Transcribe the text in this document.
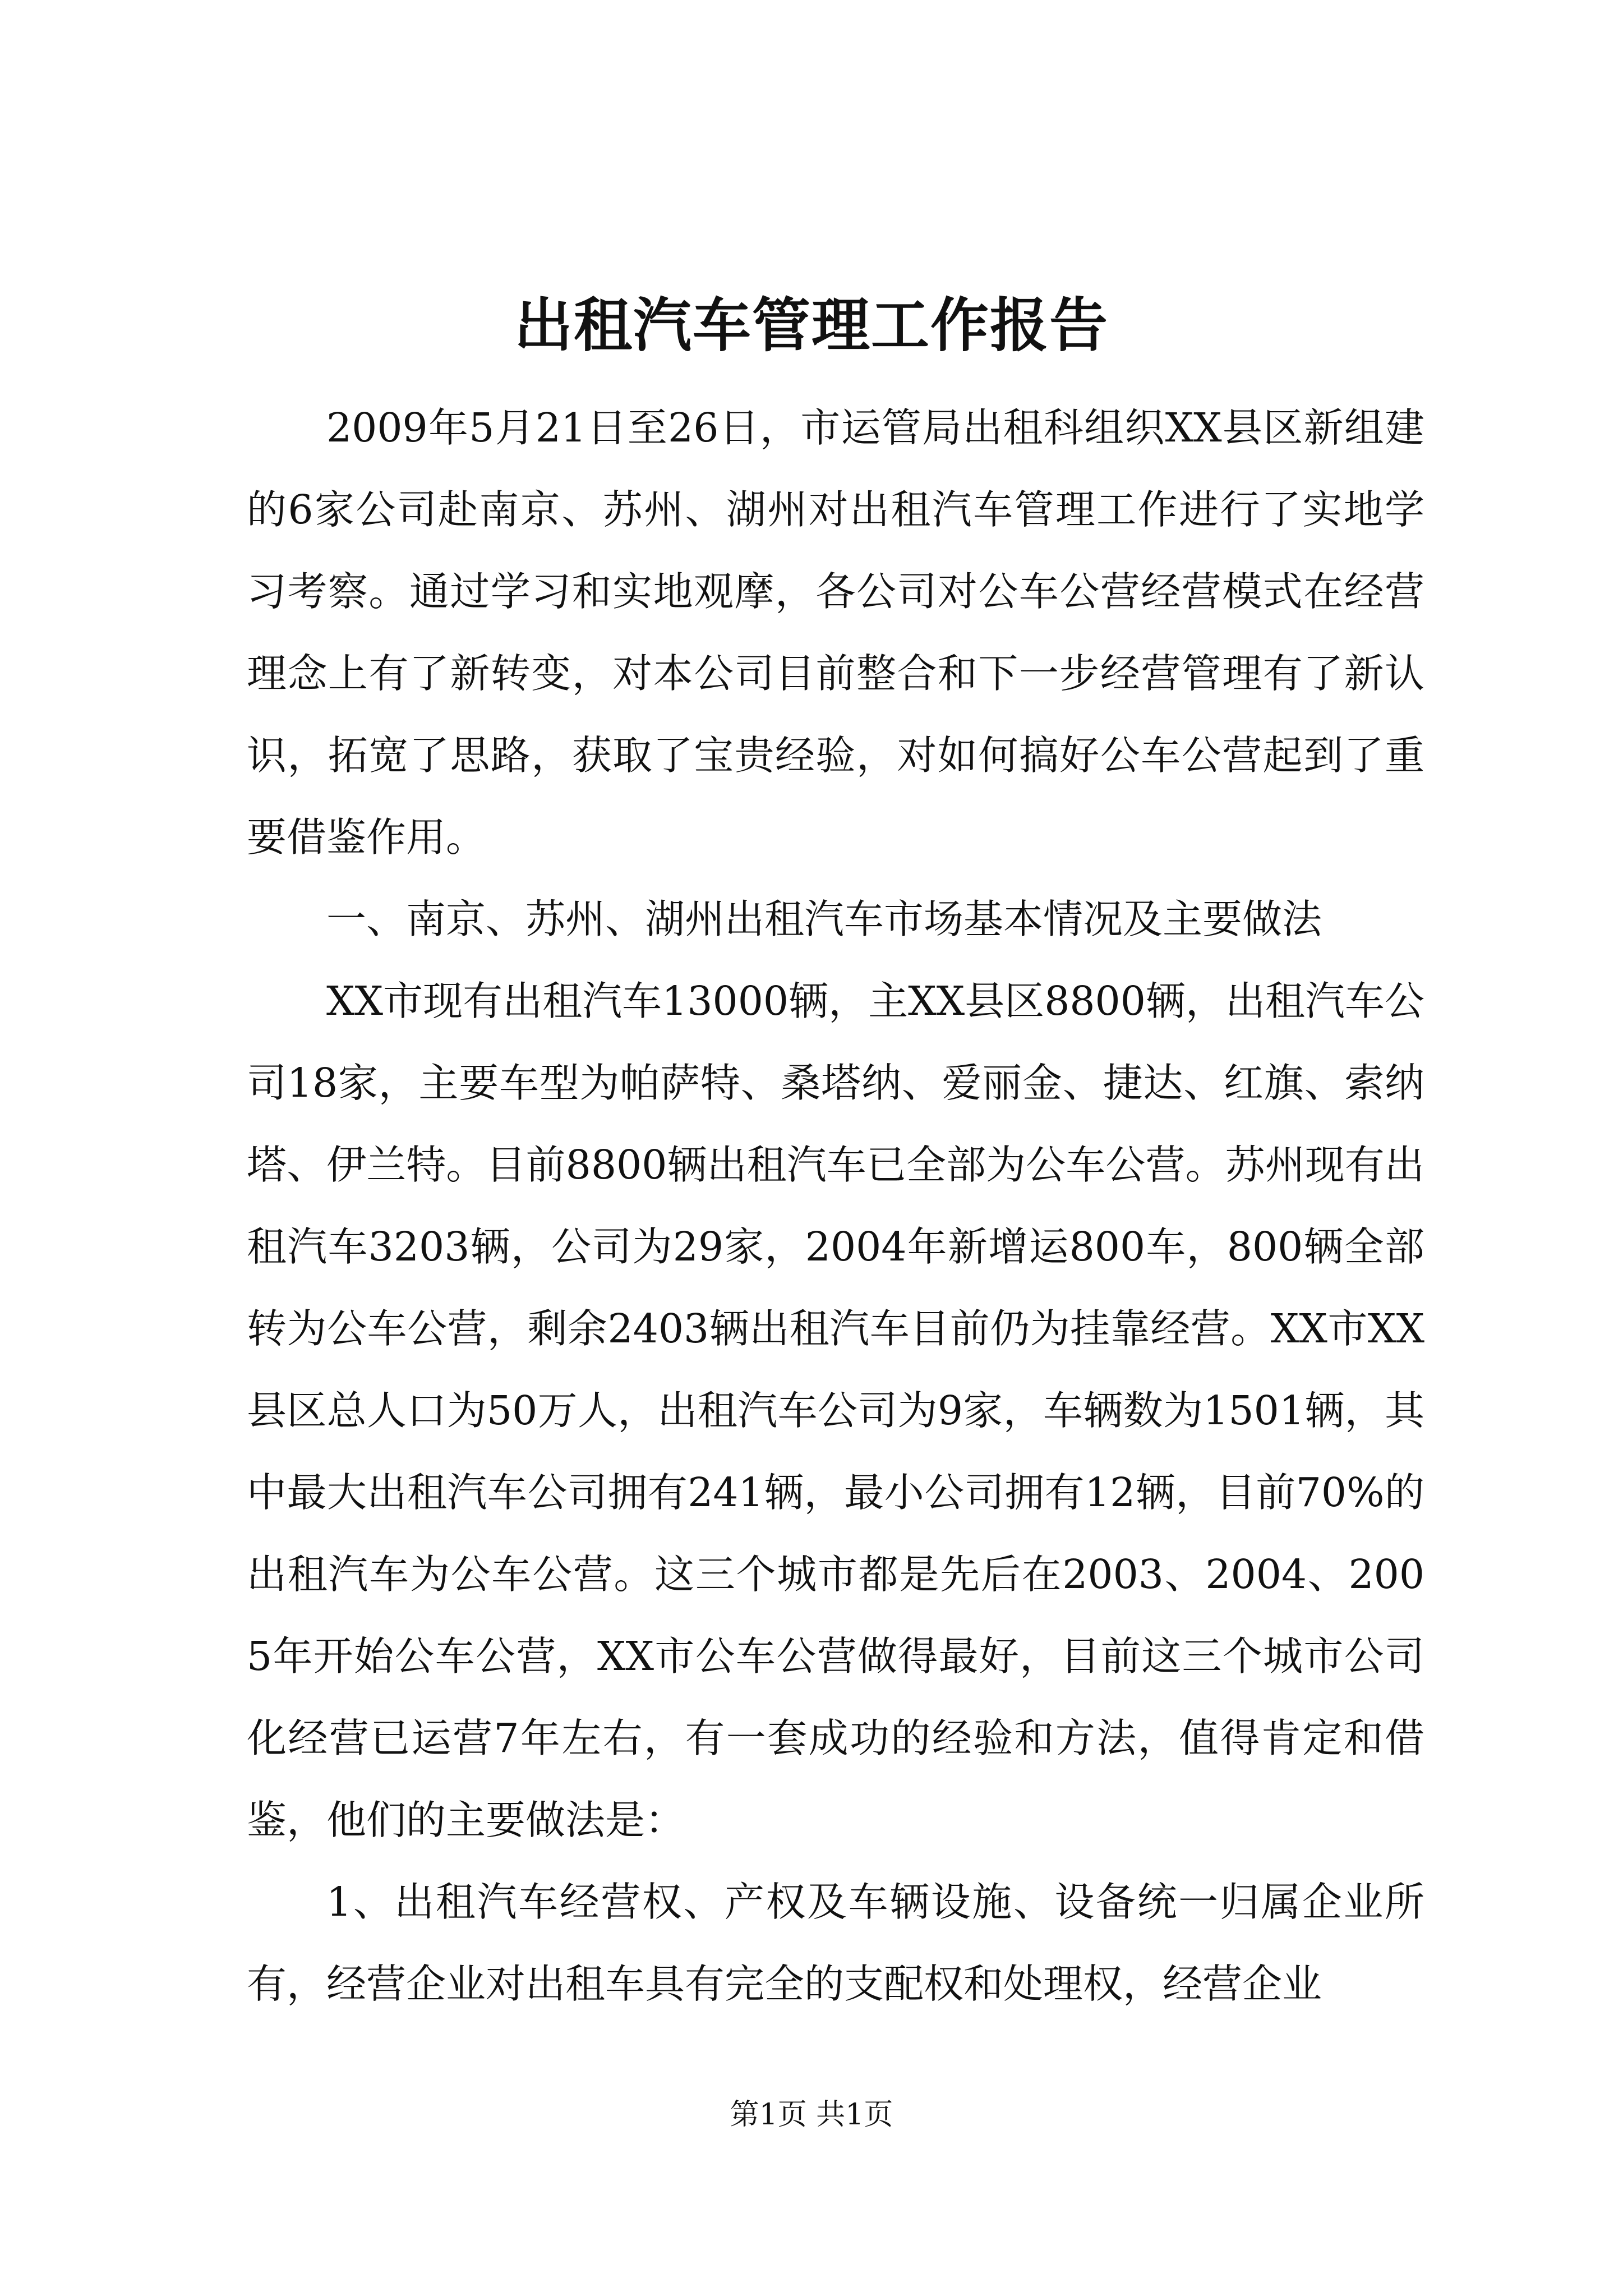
出租汽车管理工作报告

2009年5月21日至26日，市运管局出租科组织XX县区新组建的6家公司赴南京、苏州、湖州对出租汽车管理工作进行了实地学习考察。通过学习和实地观摩，各公司对公车公营经营模式在经营理念上有了新转变，对本公司目前整合和下一步经营管理有了新认识，拓宽了思路，获取了宝贵经验，对如何搞好公车公营起到了重要借鉴作用。

一、南京、苏州、湖州出租汽车市场基本情况及主要做法

XX市现有出租汽车13000辆，主XX县区8800辆，出租汽车公司18家，主要车型为帕萨特、桑塔纳、爱丽金、捷达、红旗、索纳塔、伊兰特。目前8800辆出租汽车已全部为公车公营。苏州现有出租汽车3203辆，公司为29家，2004年新增运800车，800辆全部转为公车公营，剩余2403辆出租汽车目前仍为挂靠经营。XX市XX县区总人口为50万人，出租汽车公司为9家，车辆数为1501辆，其中最大出租汽车公司拥有241辆，最小公司拥有12辆，目前70%的出租汽车为公车公营。这三个城市都是先后在2003、2004、2005年开始公车公营，XX市公车公营做得最好，目前这三个城市公司化经营已运营7年左右，有一套成功的经验和方法，值得肯定和借鉴，他们的主要做法是：

1、出租汽车经营权、产权及车辆设施、设备统一归属企业所有，经营企业对出租车具有完全的支配权和处理权，经营企业

第1页 共1页
